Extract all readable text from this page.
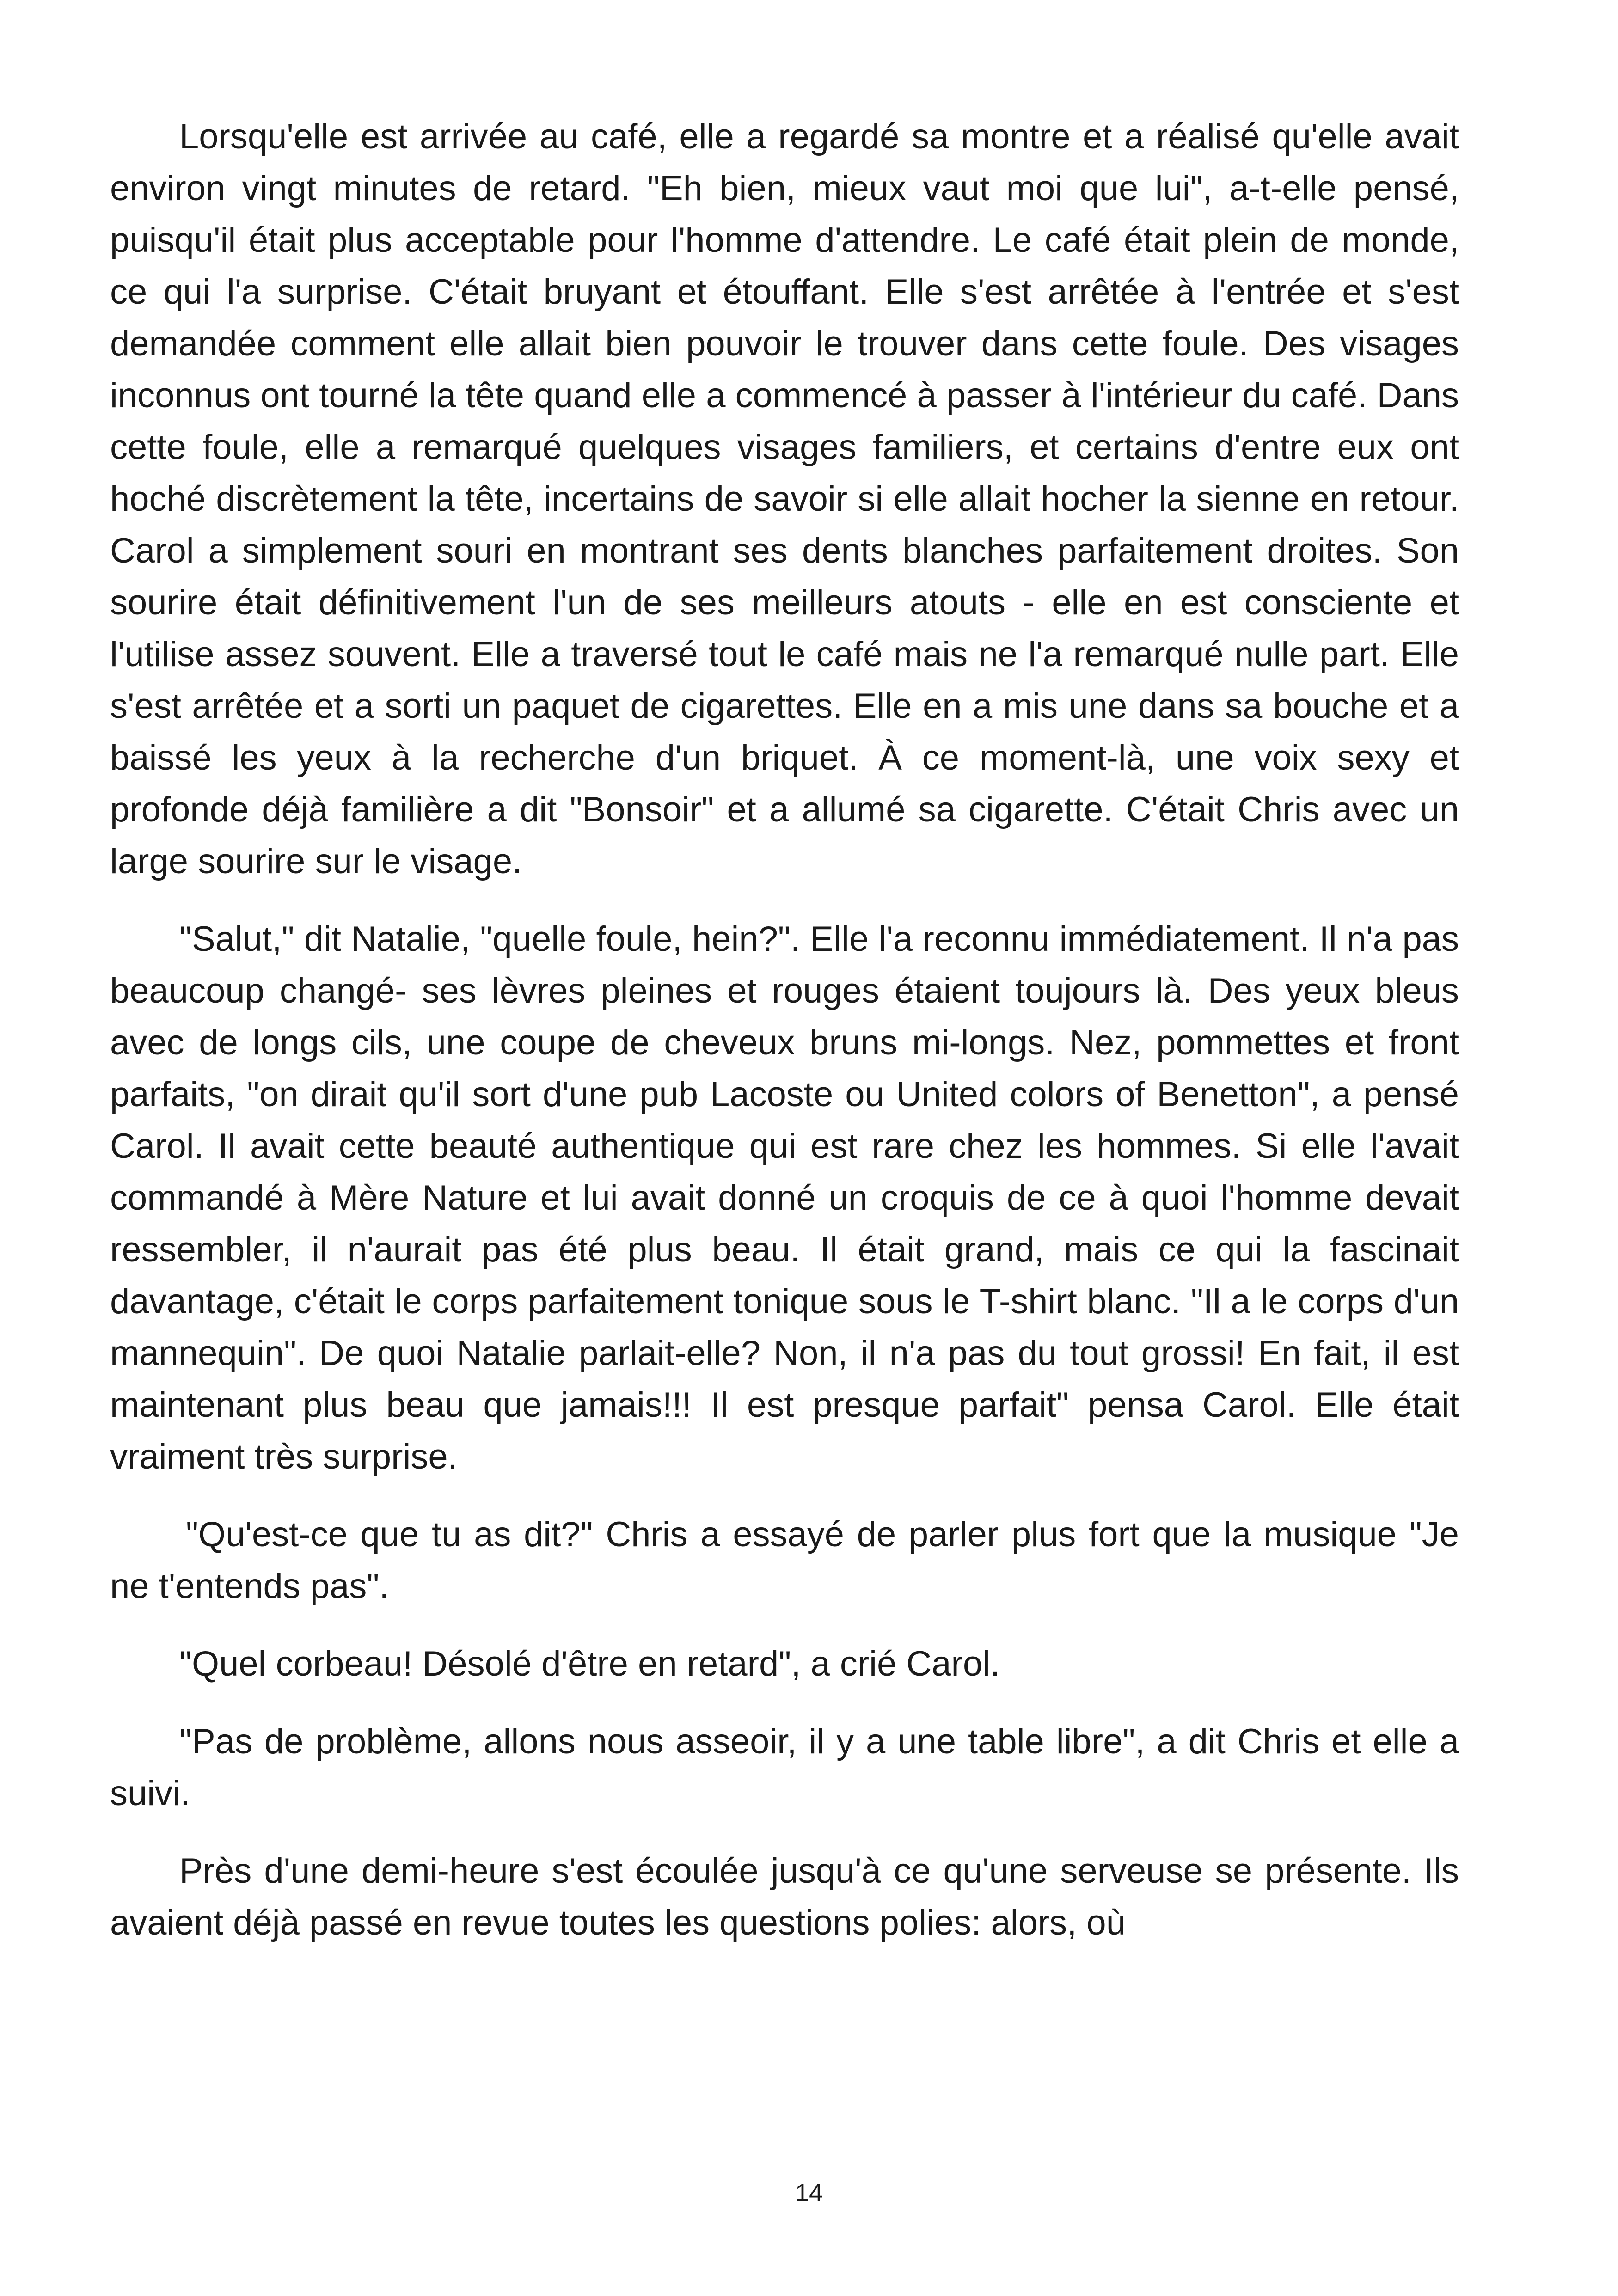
Lorsqu'elle est arrivée au café, elle a regardé sa montre et a réalisé qu'elle avait environ vingt minutes de retard. "Eh bien, mieux vaut moi que lui", a-t-elle pensé, puisqu'il était plus acceptable pour l'homme d'attendre. Le café était plein de monde, ce qui l'a surprise. C'était bruyant et étouffant. Elle s'est arrêtée à l'entrée et s'est demandée comment elle allait bien pouvoir le trouver dans cette foule. Des visages inconnus ont tourné la tête quand elle a commencé à passer à l'intérieur du café. Dans cette foule, elle a remarqué quelques visages familiers, et certains d'entre eux ont hoché discrètement la tête, incertains de savoir si elle allait hocher la sienne en retour. Carol a simplement souri en montrant ses dents blanches parfaitement droites. Son sourire était définitivement l'un de ses meilleurs atouts - elle en est consciente et l'utilise assez souvent. Elle a traversé tout le café mais ne l'a remarqué nulle part. Elle s'est arrêtée et a sorti un paquet de cigarettes. Elle en a mis une dans sa bouche et a baissé les yeux à la recherche d'un briquet. À ce moment-là, une voix sexy et profonde déjà familière a dit "Bonsoir" et a allumé sa cigarette. C'était Chris avec un large sourire sur le visage.

"Salut," dit Natalie, "quelle foule, hein?". Elle l'a reconnu immédiatement. Il n'a pas beaucoup changé- ses lèvres pleines et rouges étaient toujours là. Des yeux bleus avec de longs cils, une coupe de cheveux bruns mi-longs. Nez, pommettes et front parfaits, "on dirait qu'il sort d'une pub Lacoste ou United colors of Benetton", a pensé Carol. Il avait cette beauté authentique qui est rare chez les hommes. Si elle l'avait commandé à Mère Nature et lui avait donné un croquis de ce à quoi l'homme devait ressembler, il n'aurait pas été plus beau. Il était grand, mais ce qui la fascinait davantage, c'était le corps parfaitement tonique sous le T-shirt blanc. "Il a le corps d'un mannequin". De quoi Natalie parlait-elle? Non, il n'a pas du tout grossi! En fait, il est maintenant plus beau que jamais!!! Il est presque parfait" pensa Carol. Elle était vraiment très surprise.

"Qu'est-ce que tu as dit?" Chris a essayé de parler plus fort que la musique "Je ne t'entends pas".

"Quel corbeau! Désolé d'être en retard", a crié Carol.

"Pas de problème, allons nous asseoir, il y a une table libre", a dit Chris et elle a suivi.

Près d'une demi-heure s'est écoulée jusqu'à ce qu'une serveuse se présente. Ils avaient déjà passé en revue toutes les questions polies: alors, où

14
